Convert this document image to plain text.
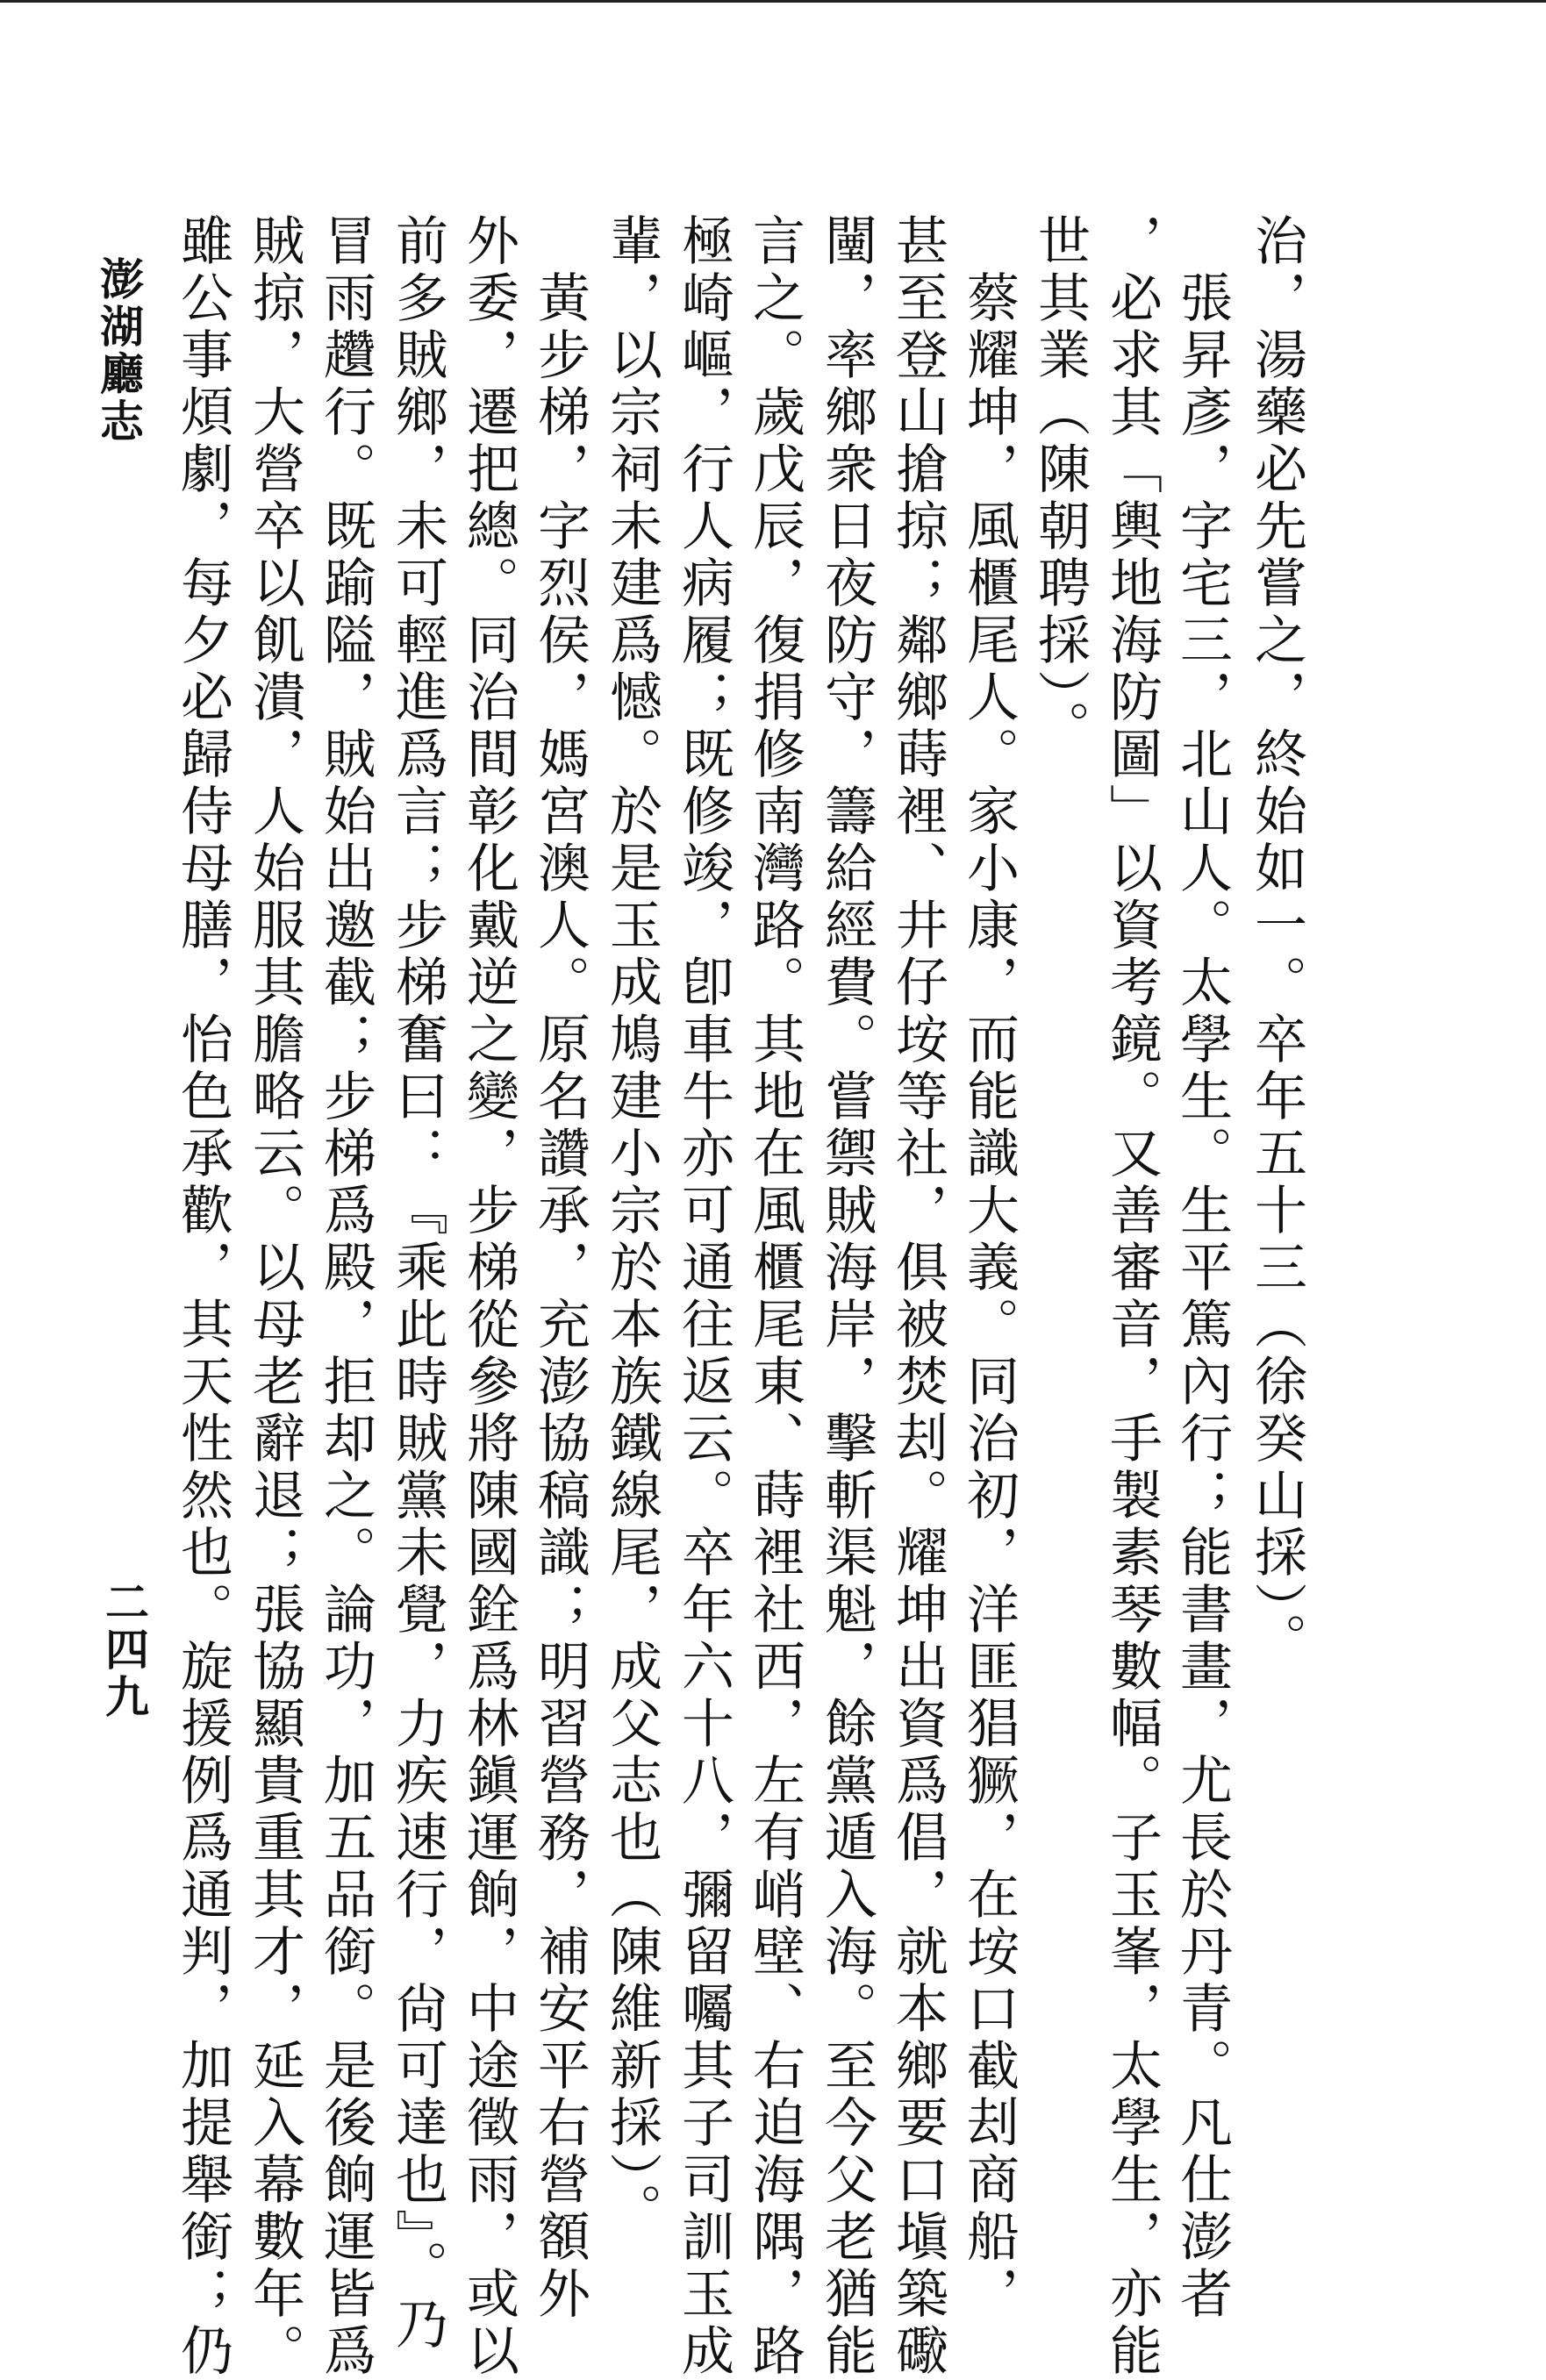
澎湖廳志
二四九	治，湯藥必先嘗之，終始如一。卒年五十三（徐癸山採）。
張昇彥，字宅三，北山人。太學生。生平篤內行；能書畫，尤長於丹青。凡仕澎者
，必求其「輿地海防圖」以資考鏡。又善審音，手製素琴數幅。子玉峯，太學生，亦能
世其業（陳朝聘採）。
蔡耀坤，風櫃尾人。家小康，而能識大義。同治初，洋匪猖獗，在垵口截刦商船，
甚至登山搶掠；鄰鄉蒔裡、井仔垵等社，俱被焚刦。耀坤出資爲倡，就本鄉要口塡築礮
闉，率鄉衆日夜防守，籌給經費。嘗禦賊海岸，擊斬渠魁，餘黨遁入海。至今父老猶能
言之。歲戊辰，復捐修南灣路。其地在風櫃尾東、蒔裡社西，左有峭壁、右迫海隅，路
極崎嶇，行人病履；既修竣，卽車牛亦可通往返云。卒年六十八，彌留囑其子司訓玉成
輩，以宗祠未建爲憾。於是玉成鳩建小宗於本族鐵線尾，成父志也（陳維新採）。
黃步梯，字烈侯，媽宮澳人。原名讚承，充澎協稿識；明習營務，補安平右營額外
外委，遷把總。同治間彰化戴逆之變，步梯從參將陳國銓爲林鎭運餉，中途徵雨，或以
前多賊鄉，未可輕進爲言；步梯奮曰：『乘此時賊黨未覺，力疾速行，尙可達也』。乃
冒雨趲行。既踰隘，賊始出邀截；步梯爲殿，拒却之。論功，加五品銜。是後餉運皆爲
賊掠，大營卒以飢潰，人始服其膽略云。以母老辭退；張協顯貴重其才，延入幕數年。
雖公事煩劇，每夕必歸侍母膳，怡色承歡，其天性然也。旋援例爲通判，加提舉銜；仍
